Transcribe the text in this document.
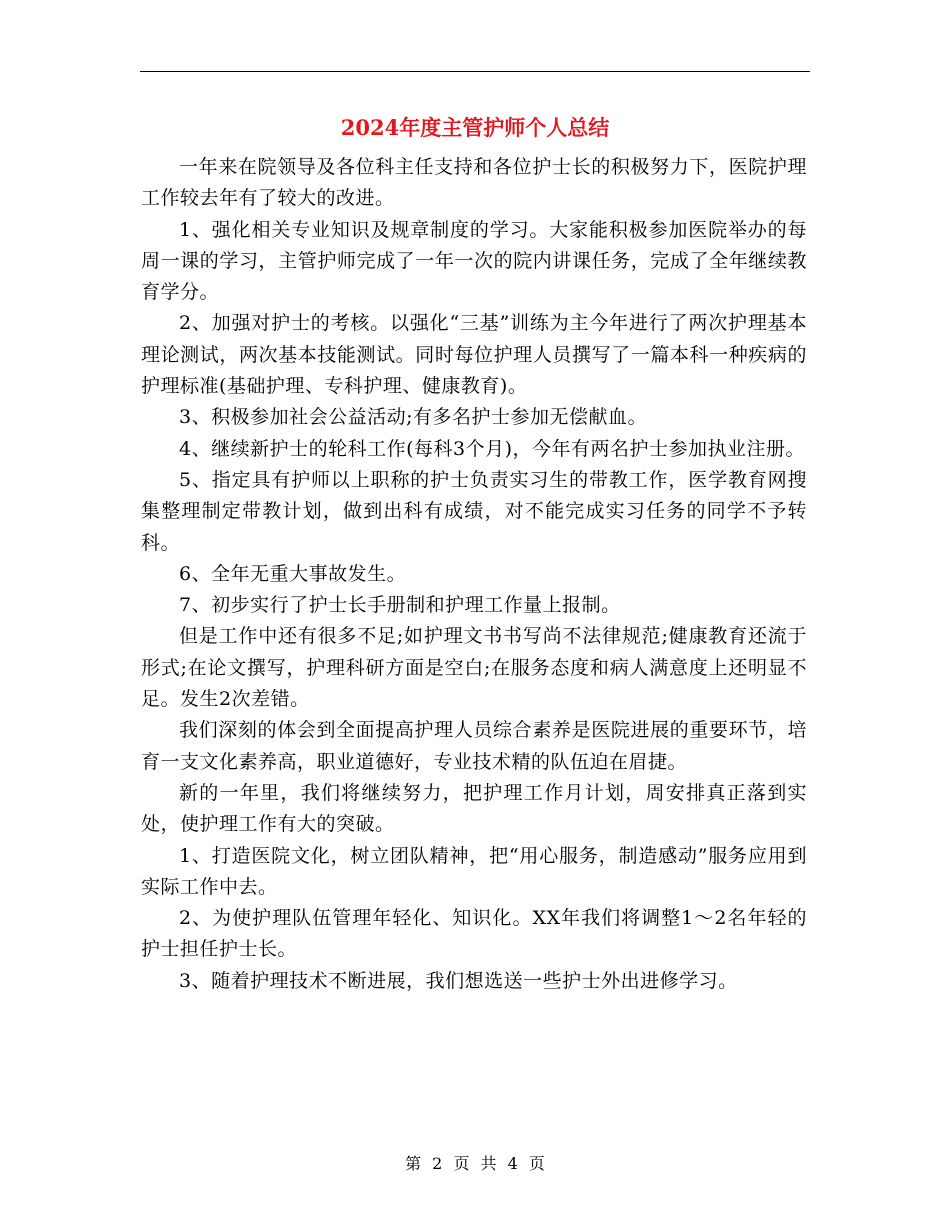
2024年度主管护师个人总结

一年来在院领导及各位科主任支持和各位护士长的积极努力下，医院护理工作较去年有了较大的改进。

1、强化相关专业知识及规章制度的学习。大家能积极参加医院举办的每周一课的学习，主管护师完成了一年一次的院内讲课任务，完成了全年继续教育学分。

2、加强对护士的考核。以强化“三基”训练为主今年进行了两次护理基本理论测试，两次基本技能测试。同时每位护理人员撰写了一篇本科一种疾病的护理标准(基础护理、专科护理、健康教育)。

3、积极参加社会公益活动;有多名护士参加无偿献血。

4、继续新护士的轮科工作(每科3个月)，今年有两名护士参加执业注册。

5、指定具有护师以上职称的护士负责实习生的带教工作，医学教育网搜集整理制定带教计划，做到出科有成绩，对不能完成实习任务的同学不予转科。

6、全年无重大事故发生。

7、初步实行了护士长手册制和护理工作量上报制。

但是工作中还有很多不足;如护理文书书写尚不法律规范;健康教育还流于形式;在论文撰写，护理科研方面是空白;在服务态度和病人满意度上还明显不足。发生2次差错。

我们深刻的体会到全面提高护理人员综合素养是医院进展的重要环节，培育一支文化素养高，职业道德好，专业技术精的队伍迫在眉捷。

新的一年里，我们将继续努力，把护理工作月计划，周安排真正落到实处，使护理工作有大的突破。

1、打造医院文化，树立团队精神，把“用心服务，制造感动”服务应用到实际工作中去。

2、为使护理队伍管理年轻化、知识化。XX年我们将调整1～2名年轻的护士担任护士长。

3、随着护理技术不断进展，我们想选送一些护士外出进修学习。

第 2 页 共 4 页
